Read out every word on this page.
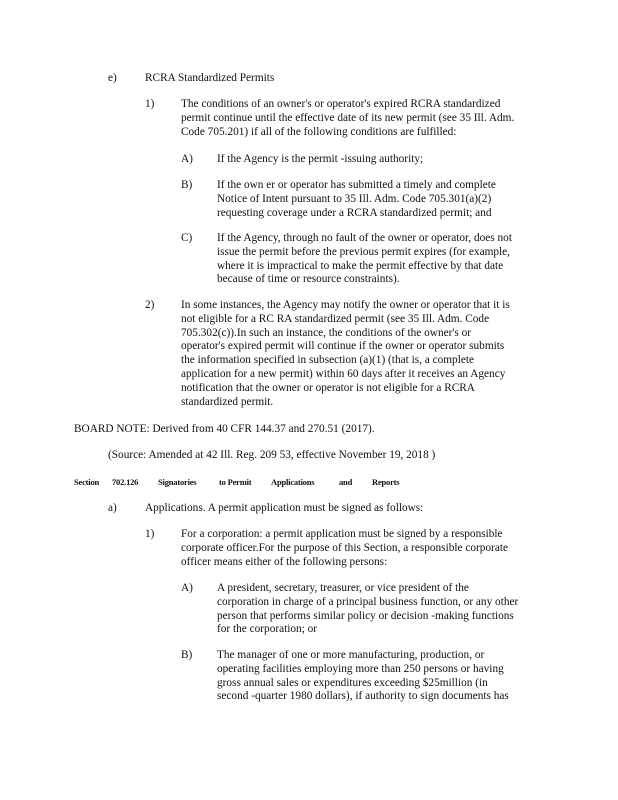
e) RCRA Standardized Permits
1) The conditions of an owner's or operator's expired RCRA standardized
permit continue until the effective date of its new permit (see 35 Ill. Adm.
Code 705.201) if all of the following conditions are fulfilled:
A) If the Agency is the permit -issuing authority;
B) If the own er or operator has submitted a timely and complete
Notice of Intent pursuant to 35 Ill. Adm. Code 705.301(a)(2)
requesting coverage under a RCRA standardized permit; and
C) If the Agency, through no fault of the owner or operator, does not
issue the permit before the previous permit expires (for example,
where it is impractical to make the permit effective by that date
because of time or resource constraints).
2) In some instances, the Agency may notify the owner or operator that it is
not eligible for a RC RA standardized permit (see 35 Ill. Adm. Code
705.302(c)).In such an instance, the conditions of the owner's or
operator's expired permit will continue if the owner or operator submits
the information specified in subsection (a)(1) (that is, a complete
application for a new permit) within 60 days after it receives an Agency
notification that the owner or operator is not eligible for a RCRA
standardized permit.
BOARD NOTE: Derived from 40 CFR 144.37 and 270.51 (2017).
(Source: Amended at 42 Ill. Reg. 209 53, effective November 19, 2018 )
Section 702.126 Signatories	to Permit Applications	and Reports
a) Applications. A permit application must be signed as follows:
1) For a corporation: a permit application must be signed by a responsible
corporate officer.For the purpose of this Section, a responsible corporate
officer means either of the following persons:
A) A president, secretary, treasurer, or vice president of the
corporation in charge of a principal business function, or any other
person that performs similar policy or decision -making functions
for the corporation; or
B) The manager of one or more manufacturing, production, or
operating facilities employing more than 250 persons or having
gross annual sales or expenditures exceeding $25million (in
second -quarter 1980 dollars), if authority to sign documents has
